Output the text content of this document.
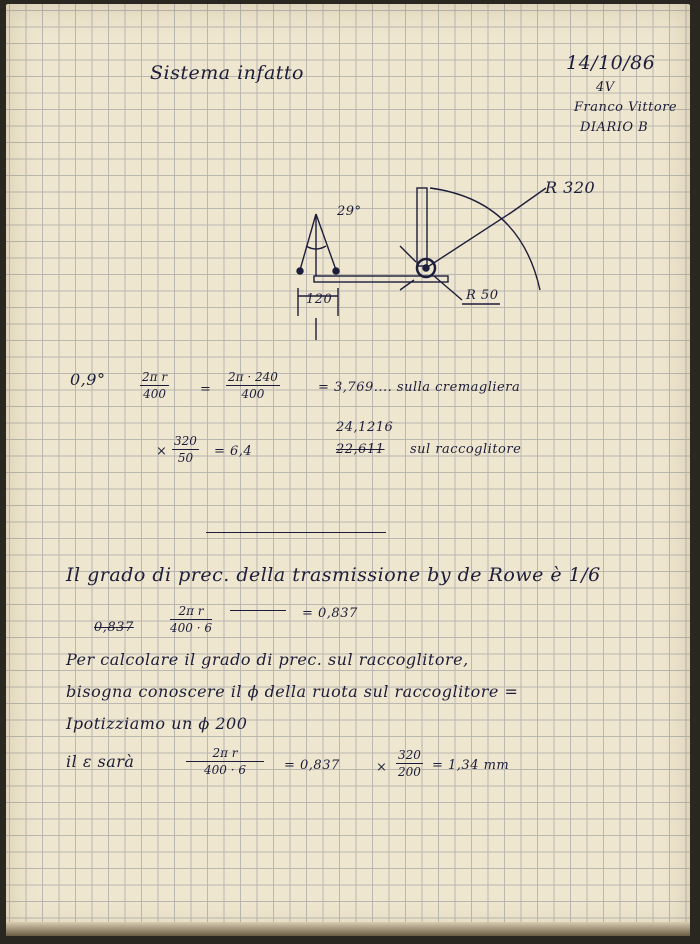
Sistema infatto	14/10/86
4V
Franco Vittore
DIARIO B
29°
R 320
R 50
120
0,9°	$\frac{\text{2π r}}{400} = \frac{2\pi \cdot 240}{400}$	= 3,769.... sulla cremagliera
× $\frac{320}{50} = 6,4$
24,1216
22,611 sul raccoglitore
Il grado di prec. della trasmissione by de Rowe è 1/6
0,837	$\frac{\text{2π r}}{400 \cdot 6}$	= 0,837
Per calcolare il grado di prec. sul raccoglitore,
bisogna conoscere il ϕ della ruota sul raccoglitore =
Ipotizziamo un ϕ 200
il ε sarà	$\frac{\text{2π r}}{400 \cdot 6} = 0,837$	× $\frac{320}{200} = 1,34$ mm
